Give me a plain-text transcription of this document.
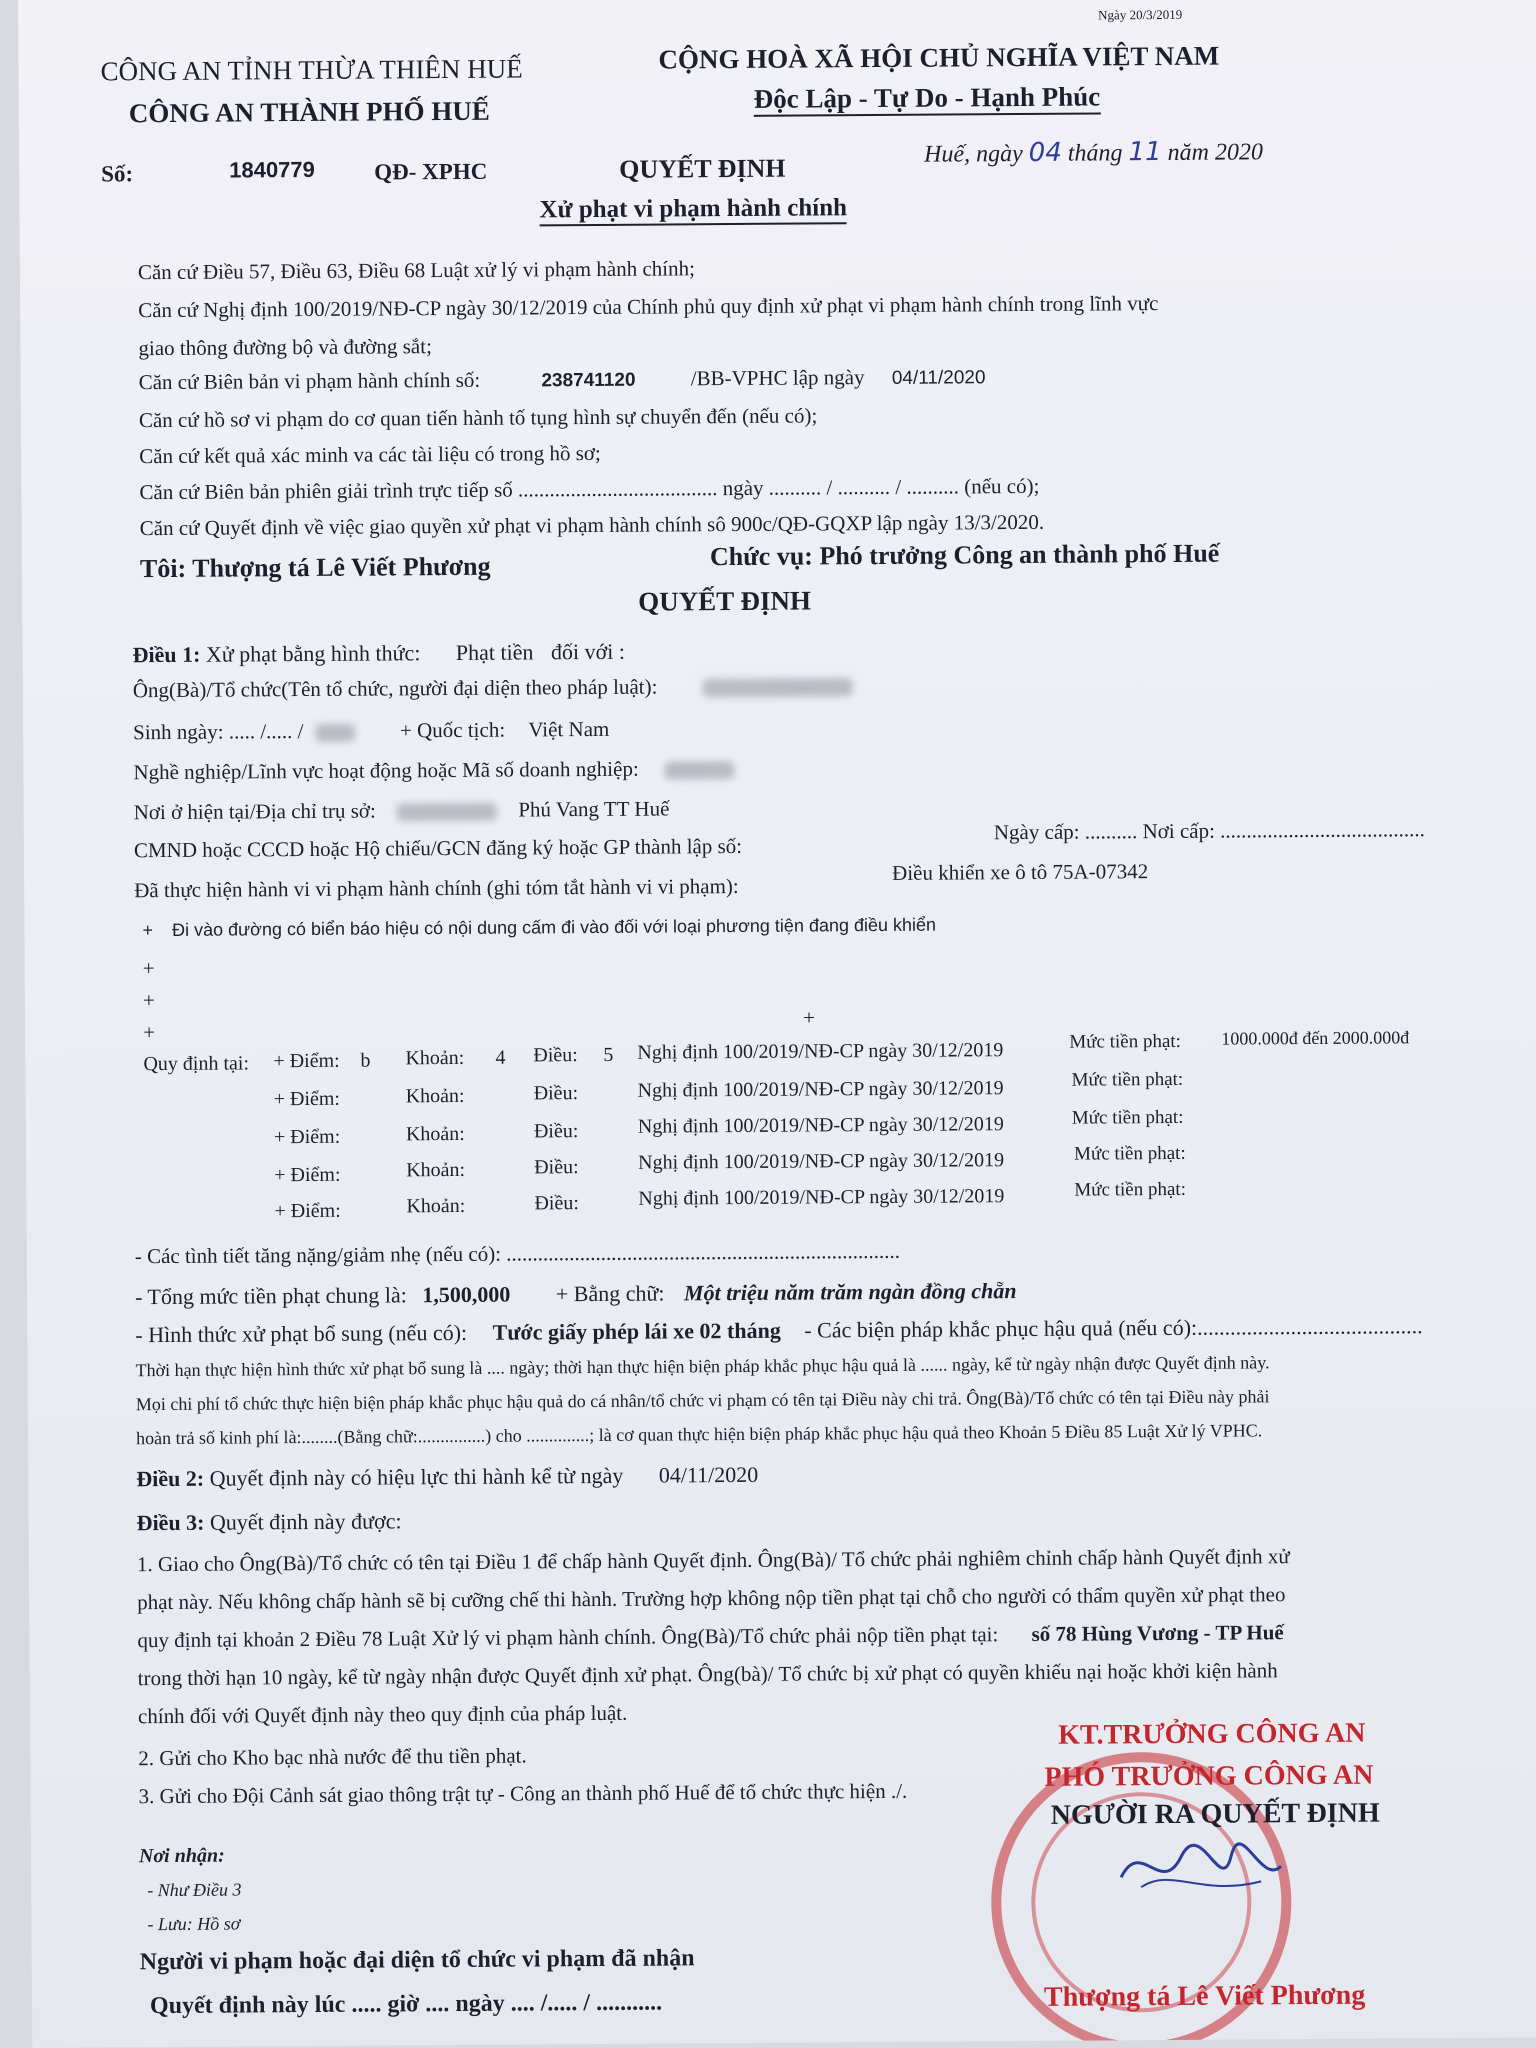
Ngày 20/3/2019
CÔNG AN TỈNH THỪA THIÊN HUẾ
CÔNG AN THÀNH PHỐ HUẾ
CỘNG HOÀ XÃ HỘI CHỦ NGHĨA VIỆT NAM
Độc Lập - Tự Do - Hạnh Phúc
Số:	1840779	QĐ- XPHC	QUYẾT ĐỊNH	Huế, ngày 04 tháng 11 năm 2020
Xử phạt vi phạm hành chính
Căn cứ Điều 57, Điều 63, Điều 68 Luật xử lý vi phạm hành chính;
Căn cứ Nghị định 100/2019/NĐ-CP ngày 30/12/2019 của Chính phủ quy định xử phạt vi phạm hành chính trong lĩnh vực
giao thông đường bộ và đường sắt;
Căn cứ Biên bản vi phạm hành chính số:	238741120	/BB-VPHC lập ngày 04/11/2020
Căn cứ hồ sơ vi phạm do cơ quan tiến hành tố tụng hình sự chuyển đến (nếu có);
Căn cứ kết quả xác minh va các tài liệu có trong hồ sơ;
Căn cứ Biên bản phiên giải trình trực tiếp số ...................................... ngày .......... / .......... / .......... (nếu có);
Căn cứ Quyết định về việc giao quyền xử phạt vi phạm hành chính sô 900c/QĐ-GQXP lập ngày 13/3/2020.
Tôi: Thượng tá Lê Viết Phương	Chức vụ: Phó trưởng Công an thành phố Huế
QUYẾT ĐỊNH
Điều 1: Xử phạt bằng hình thức: Phạt tiền đối với :
Ông(Bà)/Tổ chức(Tên tổ chức, người đại diện theo pháp luật):
Sinh ngày: ..... /..... /	+ Quốc tịch: Việt Nam
Nghề nghiệp/Lĩnh vực hoạt động hoặc Mã số doanh nghiệp:
Nơi ở hiện tại/Địa chỉ trụ sở:	Phú Vang TT Huế
CMND hoặc CCCD hoặc Hộ chiếu/GCN đăng ký hoặc GP thành lập số:
Ngày cấp: .......... Nơi cấp: .......................................
Đã thực hiện hành vi vi phạm hành chính (ghi tóm tắt hành vi vi phạm):
Điều khiển xe ô tô 75A-07342
+ Đi vào đường có biển báo hiệu có nội dung cấm đi vào đối với loại phương tiện đang điều khiển
+
+
+
+
Quy định tại: + Điểm: b Khoản: 4 Điều: 5 Nghị định 100/2019/NĐ-CP ngày 30/12/2019	Mức tiền phạt: 1000.000đ đến 2000.000đ
+ Điểm:	Khoản:	Điều:	Nghị định 100/2019/NĐ-CP ngày 30/12/2019	Mức tiền phạt:
+ Điểm:	Khoản:	Điều:	Nghị định 100/2019/NĐ-CP ngày 30/12/2019	Mức tiền phạt:
+ Điểm:	Khoản:	Điều:	Nghị định 100/2019/NĐ-CP ngày 30/12/2019	Mức tiền phạt:
+ Điểm:	Khoản:	Điều:	Nghị định 100/2019/NĐ-CP ngày 30/12/2019	Mức tiền phạt:
- Các tình tiết tăng nặng/giảm nhẹ (nếu có): ...........................................................................
- Tổng mức tiền phạt chung là: 1,500,000 + Bằng chữ: Một triệu năm trăm ngàn đồng chẵn
- Hình thức xử phạt bổ sung (nếu có): Tước giấy phép lái xe 02 tháng - Các biện pháp khắc phục hậu quả (nếu có):.........................................
Thời hạn thực hiện hình thức xử phạt bổ sung là .... ngày; thời hạn thực hiện biện pháp khắc phục hậu quả là ...... ngày, kể từ ngày nhận được Quyết định này.
Mọi chi phí tổ chức thực hiện biện pháp khắc phục hậu quả do cá nhân/tổ chức vi phạm có tên tại Điều này chi trả. Ông(Bà)/Tổ chức có tên tại Điều này phải
hoàn trả số kinh phí là:........(Bằng chữ:...............) cho ..............; là cơ quan thực hiện biện pháp khắc phục hậu quả theo Khoản 5 Điều 85 Luật Xử lý VPHC.
Điều 2: Quyết định này có hiệu lực thi hành kể từ ngày 04/11/2020
Điều 3: Quyết định này được:
1. Giao cho Ông(Bà)/Tổ chức có tên tại Điều 1 để chấp hành Quyết định. Ông(Bà)/ Tổ chức phải nghiêm chỉnh chấp hành Quyết định xử
phạt này. Nếu không chấp hành sẽ bị cưỡng chế thi hành. Trường hợp không nộp tiền phạt tại chỗ cho người có thẩm quyền xử phạt theo
quy định tại khoản 2 Điều 78 Luật Xử lý vi phạm hành chính. Ông(Bà)/Tổ chức phải nộp tiền phạt tại: số 78 Hùng Vương - TP Huế
trong thời hạn 10 ngày, kể từ ngày nhận được Quyết định xử phạt. Ông(bà)/ Tổ chức bị xử phạt có quyền khiếu nại hoặc khởi kiện hành
chính đối với Quyết định này theo quy định của pháp luật.
2. Gửi cho Kho bạc nhà nước để thu tiền phạt.
3. Gửi cho Đội Cảnh sát giao thông trật tự - Công an thành phố Huế để tổ chức thực hiện ./.
Nơi nhận:
- Như Điều 3
- Lưu: Hồ sơ
Người vi phạm hoặc đại diện tổ chức vi phạm đã nhận
Quyết định này lúc ..... giờ .... ngày .... /..... / ...........
KT.TRƯỞNG CÔNG AN
PHÓ TRƯỞNG CÔNG AN
NGƯỜI RA QUYẾT ĐỊNH
Thượng tá Lê Viết Phương
